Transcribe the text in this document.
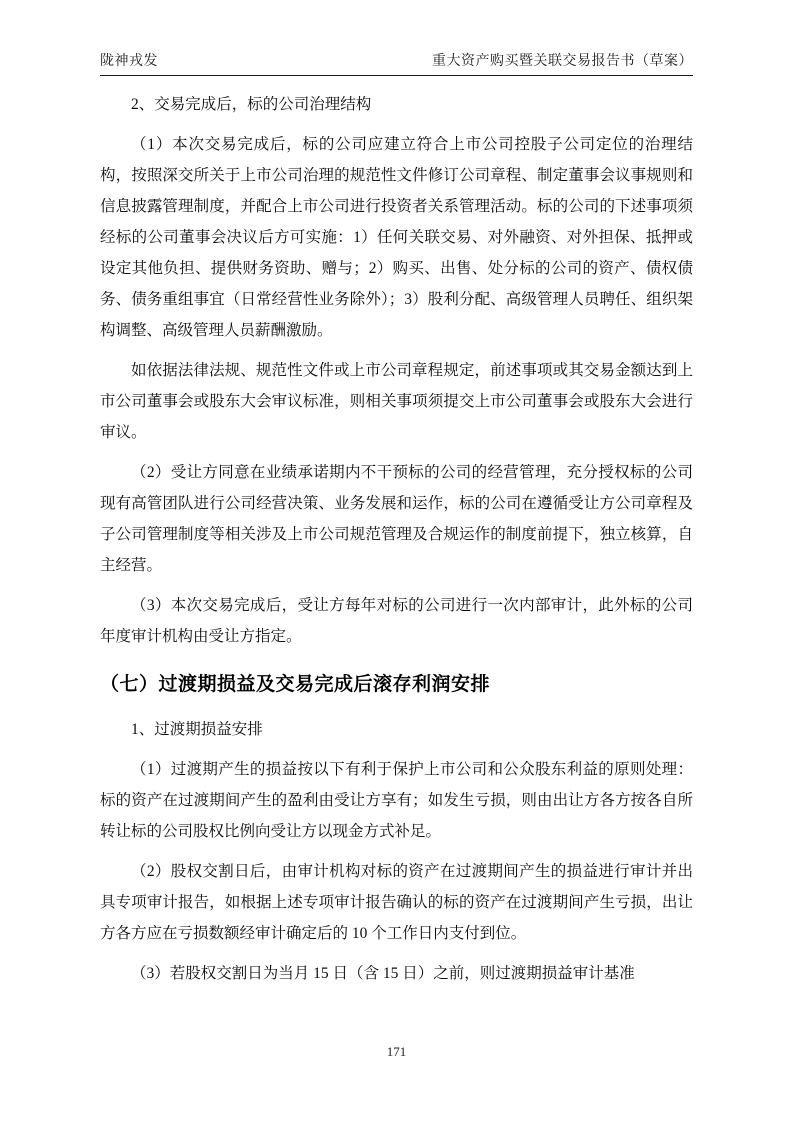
陇神戎发	重大资产购买暨关联交易报告书（草案）

2、交易完成后，标的公司治理结构

（1）本次交易完成后，标的公司应建立符合上市公司控股子公司定位的治理结构，按照深交所关于上市公司治理的规范性文件修订公司章程、制定董事会议事规则和信息披露管理制度，并配合上市公司进行投资者关系管理活动。标的公司的下述事项须经标的公司董事会决议后方可实施：1）任何关联交易、对外融资、对外担保、抵押或设定其他负担、提供财务资助、赠与；2）购买、出售、处分标的公司的资产、债权债务、债务重组事宜（日常经营性业务除外）；3）股利分配、高级管理人员聘任、组织架构调整、高级管理人员薪酬激励。

如依据法律法规、规范性文件或上市公司章程规定，前述事项或其交易金额达到上市公司董事会或股东大会审议标准，则相关事项须提交上市公司董事会或股东大会进行审议。

（2）受让方同意在业绩承诺期内不干预标的公司的经营管理，充分授权标的公司现有高管团队进行公司经营决策、业务发展和运作，标的公司在遵循受让方公司章程及子公司管理制度等相关涉及上市公司规范管理及合规运作的制度前提下，独立核算，自主经营。

（3）本次交易完成后，受让方每年对标的公司进行一次内部审计，此外标的公司年度审计机构由受让方指定。

（七）过渡期损益及交易完成后滚存利润安排

1、过渡期损益安排

（1）过渡期产生的损益按以下有利于保护上市公司和公众股东利益的原则处理：标的资产在过渡期间产生的盈利由受让方享有；如发生亏损，则由出让方各方按各自所转让标的公司股权比例向受让方以现金方式补足。

（2）股权交割日后，由审计机构对标的资产在过渡期间产生的损益进行审计并出具专项审计报告，如根据上述专项审计报告确认的标的资产在过渡期间产生亏损，出让方各方应在亏损数额经审计确定后的 10 个工作日内支付到位。

（3）若股权交割日为当月 15 日（含 15 日）之前，则过渡期损益审计基准

171
